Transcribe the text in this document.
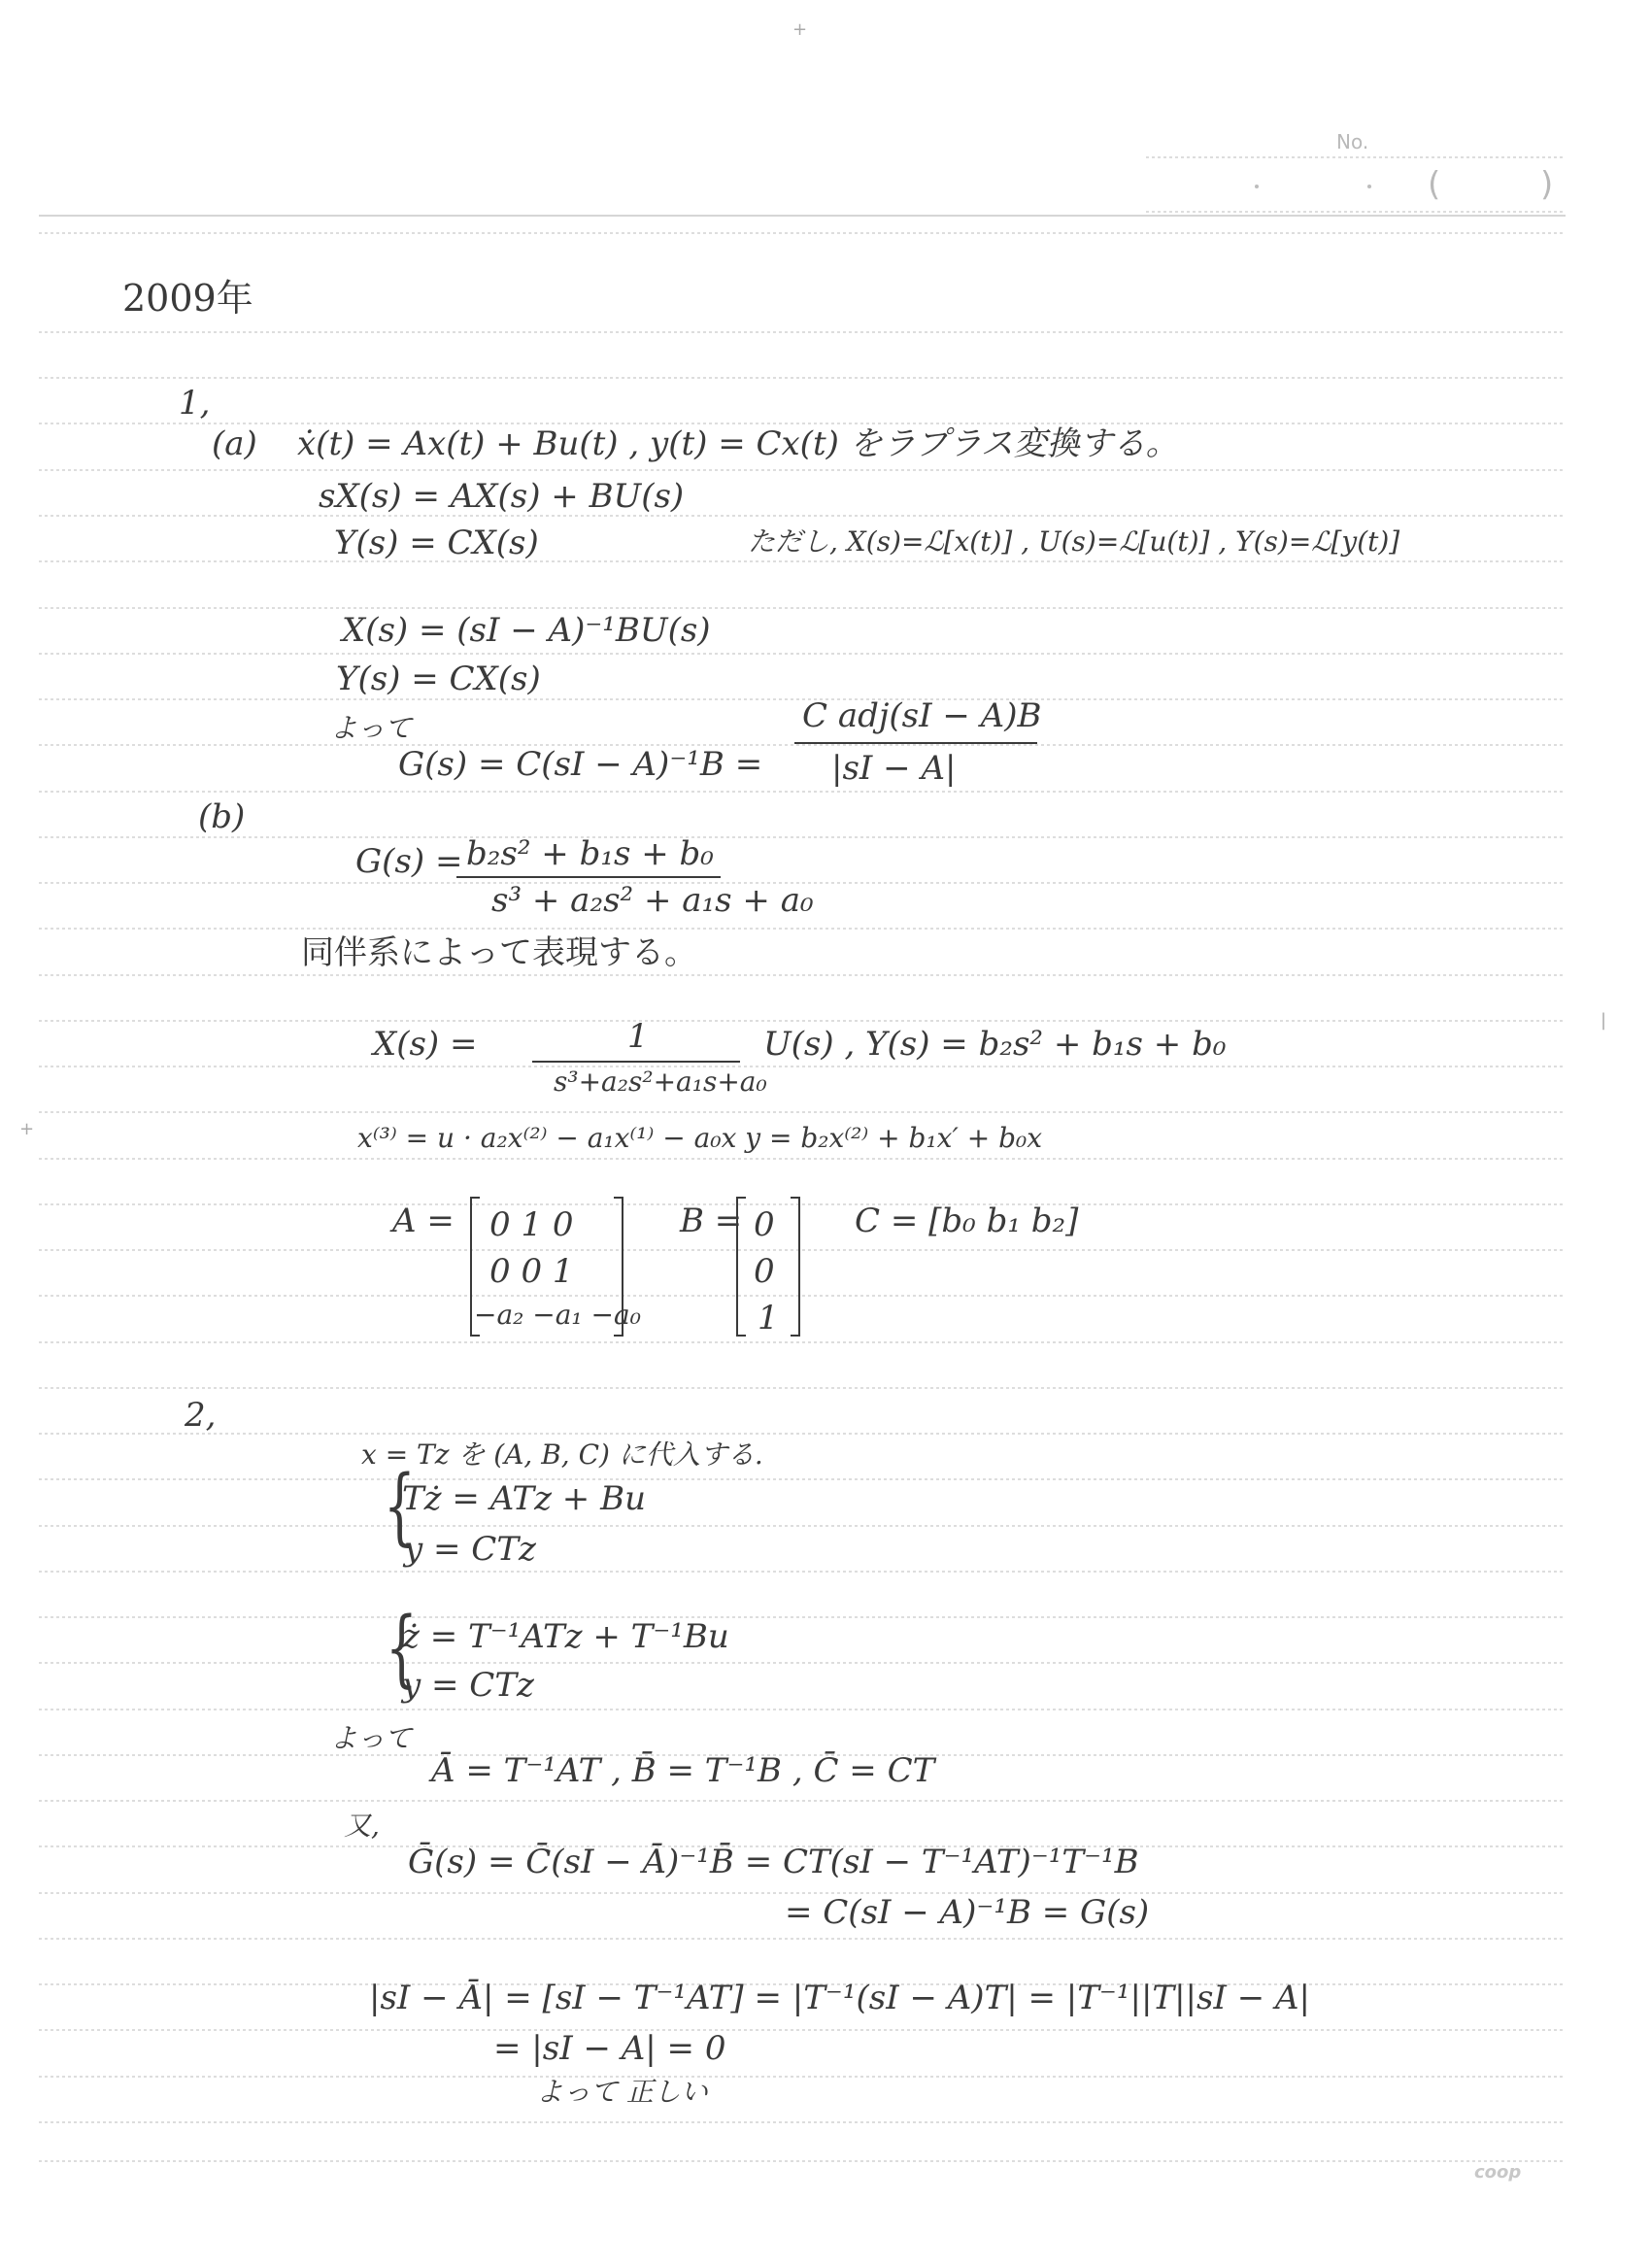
+
+
|
No.
(	)
2009年
1,
(a) ẋ(t) = Ax(t) + Bu(t) , y(t) = Cx(t) をラプラス変換する。
sX(s) = AX(s) + BU(s)
Y(s) = CX(s)	ただし, X(s)=ℒ[x(t)] , U(s)=ℒ[u(t)] , Y(s)=ℒ[y(t)]
X(s) = (sI − A)⁻¹BU(s)
Y(s) = CX(s)
よって
G(s) = C(sI − A)⁻¹B =
C adj(sI − A)B
|sI − A|
(b)
G(s) = b₂s² + b₁s + b₀
s³ + a₂s² + a₁s + a₀
同伴系によって表現する。
X(s) =	1
s³+a₂s²+a₁s+a₀
U(s) , Y(s) = b₂s² + b₁s + b₀
x⁽³⁾ = u · a₂x⁽²⁾ − a₁x⁽¹⁾ − a₀x y = b₂x⁽²⁾ + b₁x′ + b₀x
A = 0 1 0
0 0 1
−a₂ −a₁ −a₀
B = 0
0
1
C = [b₀ b₁ b₂]
2,
x = Tz を (A, B, C) に代入する.
{
Tż = ATz + Bu
y = CTz
{
ż = T⁻¹ATz + T⁻¹Bu
y = CTz
よって
Ā = T⁻¹AT , B̄ = T⁻¹B , C̄ = CT
又,
Ḡ(s) = C̄(sI − Ā)⁻¹B̄ = CT(sI − T⁻¹AT)⁻¹T⁻¹B
= C(sI − A)⁻¹B = G(s)
|sI − Ā| = [sI − T⁻¹AT] = |T⁻¹(sI − A)T| = |T⁻¹||T||sI − A|
= |sI − A| = 0
よって 正しい
coop
